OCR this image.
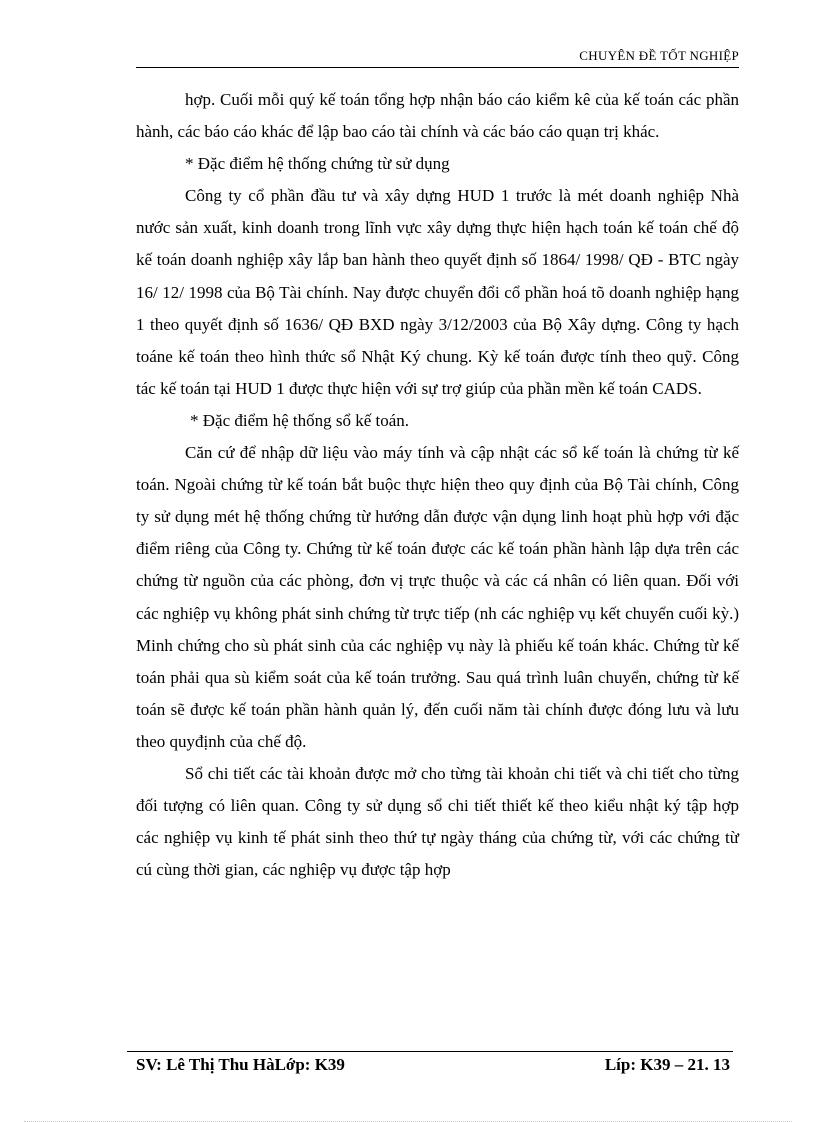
CHUYÊN ĐỀ TỐT NGHIỆP

hợp. Cuối mỗi quý kế toán tổng hợp nhận báo cáo kiểm kê của kế toán các phần hành, các báo cáo khác để lập bao cáo tài chính và các báo cáo quạn trị khác.

* Đặc điểm hệ thống chứng từ sử dụng

Công ty cổ phần đầu tư và xây dựng HUD 1 trước là mét doanh nghiệp Nhà nước sản xuất, kinh doanh trong lĩnh vực xây dựng thực hiện hạch toán kế toán chế độ kế toán doanh nghiệp xây lắp ban hành theo quyết định số 1864/ 1998/ QĐ - BTC ngày 16/ 12/ 1998 của Bộ Tài chính. Nay được chuyển đổi cổ phần hoá tõ doanh nghiệp hạng 1 theo quyết định số 1636/ QĐ BXD ngày 3/12/2003 của Bộ Xây dựng. Công ty hạch toáne kế toán theo hình thức sổ Nhật Ký chung. Kỳ kế toán được tính theo quỹ. Công tác kế toán tại HUD 1 được thực hiện với sự trợ giúp của phần mền kế toán CADS.

* Đặc điểm hệ thống sổ kế toán.

Căn cứ để nhập dữ liệu vào máy tính và cập nhật các sổ kế toán là chứng từ kế toán. Ngoài chứng từ kế toán bắt buộc thực hiện theo quy định của Bộ Tài chính, Công ty sử dụng mét hệ thống chứng từ hướng dẫn được vận dụng linh hoạt phù hợp với đặc điểm riêng của Công ty. Chứng từ kế toán được các kế toán phần hành lập dựa trên các chứng từ nguồn của các phòng, đơn vị trực thuộc và các cá nhân có liên quan. Đối với các nghiệp vụ không phát sinh chứng từ trực tiếp (nh các nghiệp vụ kết chuyển cuối kỳ.) Minh chứng cho sù phát sinh của các nghiệp vụ này là phiếu kế toán khác. Chứng từ kế toán phải qua sù kiểm soát của kế toán trưởng. Sau quá trình luân chuyển, chứng từ kế toán sẽ được kế toán phần hành quản lý, đến cuối năm tài chính được đóng lưu và lưu theo quyđịnh của chế độ.

Sổ chi tiết các tài khoản được mở cho từng tài khoản chi tiết và chi tiết cho từng đối tượng có liên quan. Công ty sử dụng sổ chi tiết thiết kế theo kiểu nhật ký tập hợp các nghiệp vụ kinh tế phát sinh theo thứ tự ngày tháng của chứng từ, với các chứng từ cú cùng thời gian, các nghiệp vụ được tập hợp

SV: Lê Thị Thu HàLớp: K39	Líp: K39 – 21. 13
